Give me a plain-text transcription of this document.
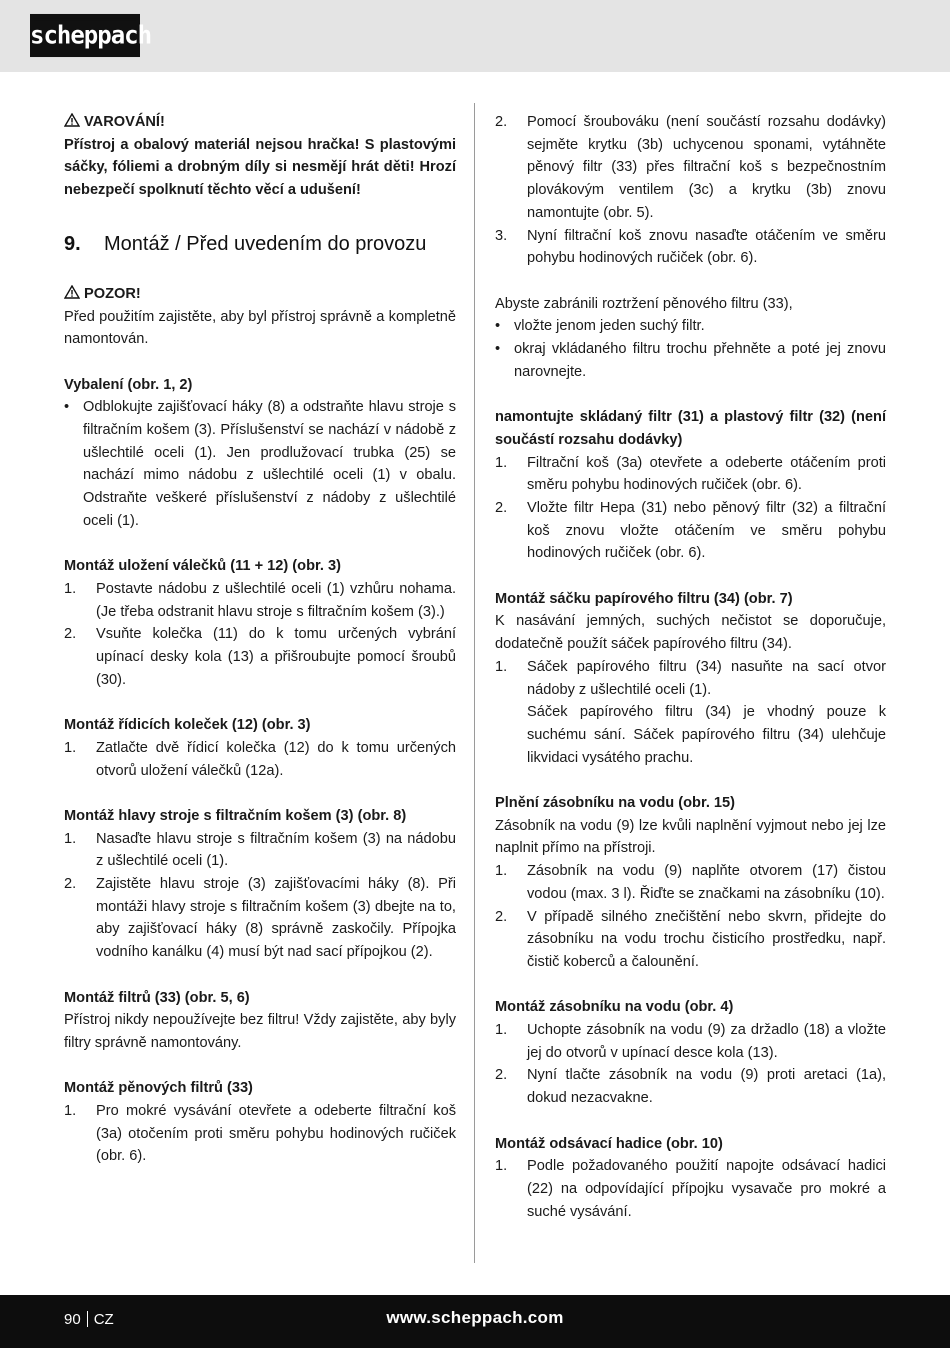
scheppach

VAROVÁNÍ!

Přístroj a obalový materiál nejsou hračka! S plastovými sáčky, fóliemi a drobným díly si nesmějí hrát děti! Hrozí nebezpečí spolknutí těchto věcí a udušení!

9. Montáž / Před uvedením do provozu

POZOR!

Před použitím zajistěte, aby byl přístroj správně a kompletně namontován.

Vybalení (obr. 1, 2)

• Odblokujte zajišťovací háky (8) a odstraňte hlavu stroje s filtračním košem (3). Příslušenství se nachází v nádobě z ušlechtilé oceli (1). Jen prodlužovací trubka (25) se nachází mimo nádobu z ušlechtilé oceli (1) v obalu. Odstraňte veškeré příslušenství z nádoby z ušlechtilé oceli (1).

Montáž uložení válečků (11 + 12) (obr. 3)

1. Postavte nádobu z ušlechtilé oceli (1) vzhůru nohama. (Je třeba odstranit hlavu stroje s filtračním košem (3).)

2. Vsuňte kolečka (11) do k tomu určených vybrání upínací desky kola (13) a přišroubujte pomocí šroubů (30).

Montáž řídicích koleček (12) (obr. 3)

1. Zatlačte dvě řídicí kolečka (12) do k tomu určených otvorů uložení válečků (12a).

Montáž hlavy stroje s filtračním košem (3) (obr. 8)

1. Nasaďte hlavu stroje s filtračním košem (3) na nádobu z ušlechtilé oceli (1).

2. Zajistěte hlavu stroje (3) zajišťovacími háky (8). Při montáži hlavy stroje s filtračním košem (3) dbejte na to, aby zajišťovací háky (8) správně zaskočily. Přípojka vodního kanálku (4) musí být nad sací přípojkou (2).

Montáž filtrů (33) (obr. 5, 6)

Přístroj nikdy nepoužívejte bez filtru! Vždy zajistěte, aby byly filtry správně namontovány.

Montáž pěnových filtrů (33)

1. Pro mokré vysávání otevřete a odeberte filtrační koš (3a) otočením proti směru pohybu hodinových ručiček (obr. 6).

2. Pomocí šroubováku (není součástí rozsahu dodávky) sejměte krytku (3b) uchycenou sponami, vytáhněte pěnový filtr (33) přes filtrační koš s bezpečnostním plovákovým ventilem (3c) a krytku (3b) znovu namontujte (obr. 5).

3. Nyní filtrační koš znovu nasaďte otáčením ve směru pohybu hodinových ručiček (obr. 6).

Abyste zabránili roztržení pěnového filtru (33),

• vložte jenom jeden suchý filtr.

• okraj vkládaného filtru trochu přehněte a poté jej znovu narovnejte.

namontujte skládaný filtr (31) a plastový filtr (32) (není součástí rozsahu dodávky)

1. Filtrační koš (3a) otevřete a odeberte otáčením proti směru pohybu hodinových ručiček (obr. 6).

2. Vložte filtr Hepa (31) nebo pěnový filtr (32) a filtrační koš znovu vložte otáčením ve směru pohybu hodinových ručiček (obr. 6).

Montáž sáčku papírového filtru (34) (obr. 7)

K nasávání jemných, suchých nečistot se doporučuje, dodatečně použít sáček papírového filtru (34).

1. Sáček papírového filtru (34) nasuňte na sací otvor nádoby z ušlechtilé oceli (1).
Sáček papírového filtru (34) je vhodný pouze k suchému sání. Sáček papírového filtru (34) ulehčuje likvidaci vysátého prachu.

Plnění zásobníku na vodu (obr. 15)

Zásobník na vodu (9) lze kvůli naplnění vyjmout nebo jej lze naplnit přímo na přístroji.

1. Zásobník na vodu (9) naplňte otvorem (17) čistou vodou (max. 3 l). Řiďte se značkami na zásobníku (10).

2. V případě silného znečištění nebo skvrn, přidejte do zásobníku na vodu trochu čisticího prostředku, např. čistič koberců a čalounění.

Montáž zásobníku na vodu (obr. 4)

1. Uchopte zásobník na vodu (9) za držadlo (18) a vložte jej do otvorů v upínací desce kola (13).

2. Nyní tlačte zásobník na vodu (9) proti aretaci (1a), dokud nezacvakne.

Montáž odsávací hadice (obr. 10)

1. Podle požadovaného použití napojte odsávací hadici (22) na odpovídající přípojku vysavače pro mokré a suché vysávání.

90 CZ	www.scheppach.com
